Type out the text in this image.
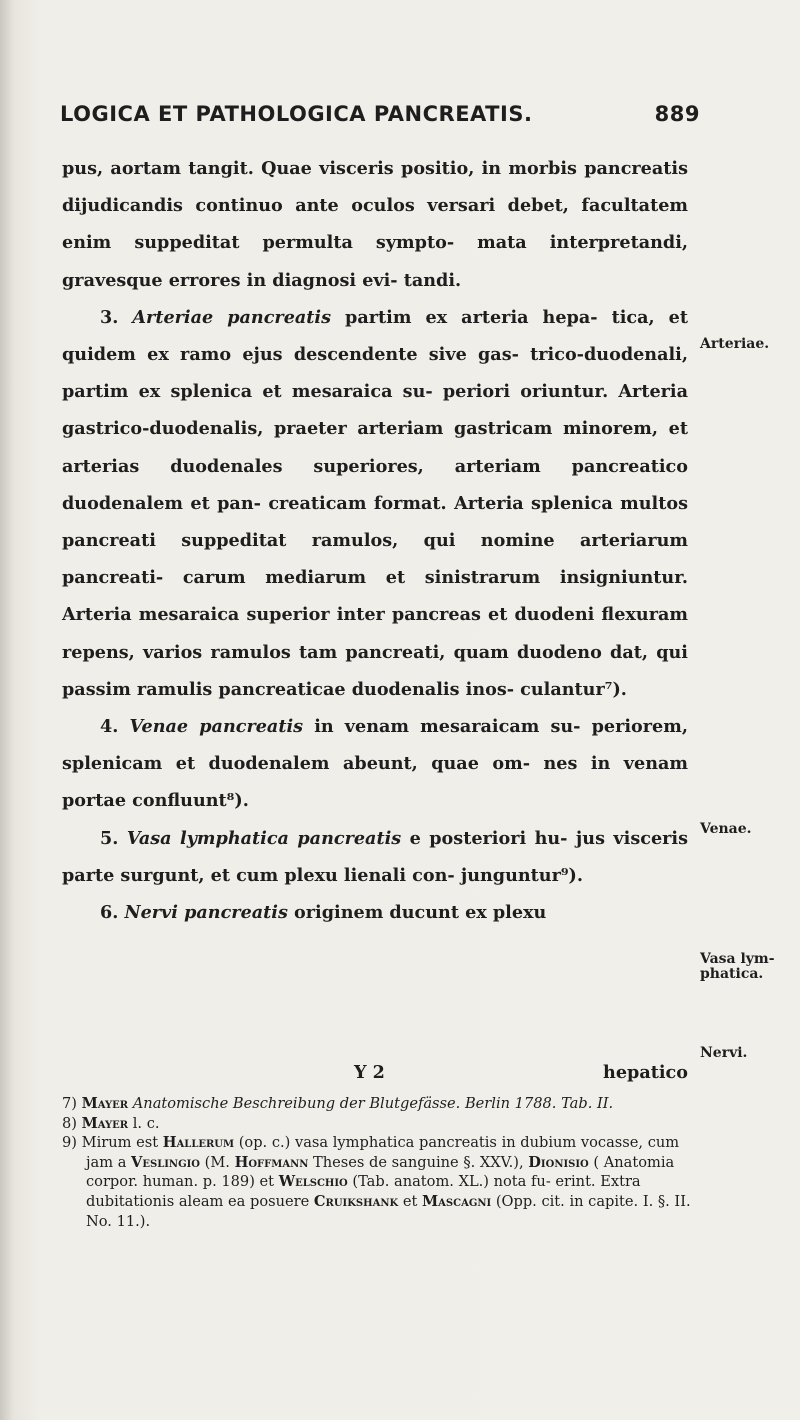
LOGICA ET PATHOLOGICA PANCREATIS.	889

pus, aortam tangit. Quae visceris positio, in morbis pancreatis dijudicandis continuo ante oculos versari debet, facultatem enim suppeditat permulta sympto- mata interpretandi, gravesque errores in diagnosi evi- tandi.

3. Arteriae pancreatis partim ex arteria hepa- tica, et quidem ex ramo ejus descendente sive gas- trico-duodenali, partim ex splenica et mesaraica su- periori oriuntur. Arteria gastrico-duodenalis, praeter arteriam gastricam minorem, et arterias duodenales superiores, arteriam pancreatico duodenalem et pan- creaticam format. Arteria splenica multos pancreati suppeditat ramulos, qui nomine arteriarum pancreati- carum mediarum et sinistrarum insigniuntur. Arteria mesaraica superior inter pancreas et duodeni flexuram repens, varios ramulos tam pancreati, quam duodeno dat, qui passim ramulis pancreaticae duodenalis inos- culantur⁷).

4. Venae pancreatis in venam mesaraicam su- periorem, splenicam et duodenalem abeunt, quae om- nes in venam portae confluunt⁸).

5. Vasa lymphatica pancreatis e posteriori hu- jus visceris parte surgunt, et cum plexu lienali con- junguntur⁹).

6. Nervi pancreatis originem ducunt ex plexu

Arteriae.
Venae.
Vasa lym- phatica.
Nervi.
Y 2	hepatico

7) Mayer Anatomische Beschreibung der Blutgefässe. Berlin 1788. Tab. II.

8) Mayer l. c.

9) Mirum est Hallerum (op. c.) vasa lymphatica pancreatis in dubium vocasse, cum jam a Veslingio (M. Hoffmann Theses de sanguine §. XXV.), Dionisio ( Anatomia corpor. human. p. 189) et Welschio (Tab. anatom. XL.) nota fu- erint. Extra dubitationis aleam ea posuere Cruikshank et Mascagni (Opp. cit. in capite. I. §. II. No. 11.).
